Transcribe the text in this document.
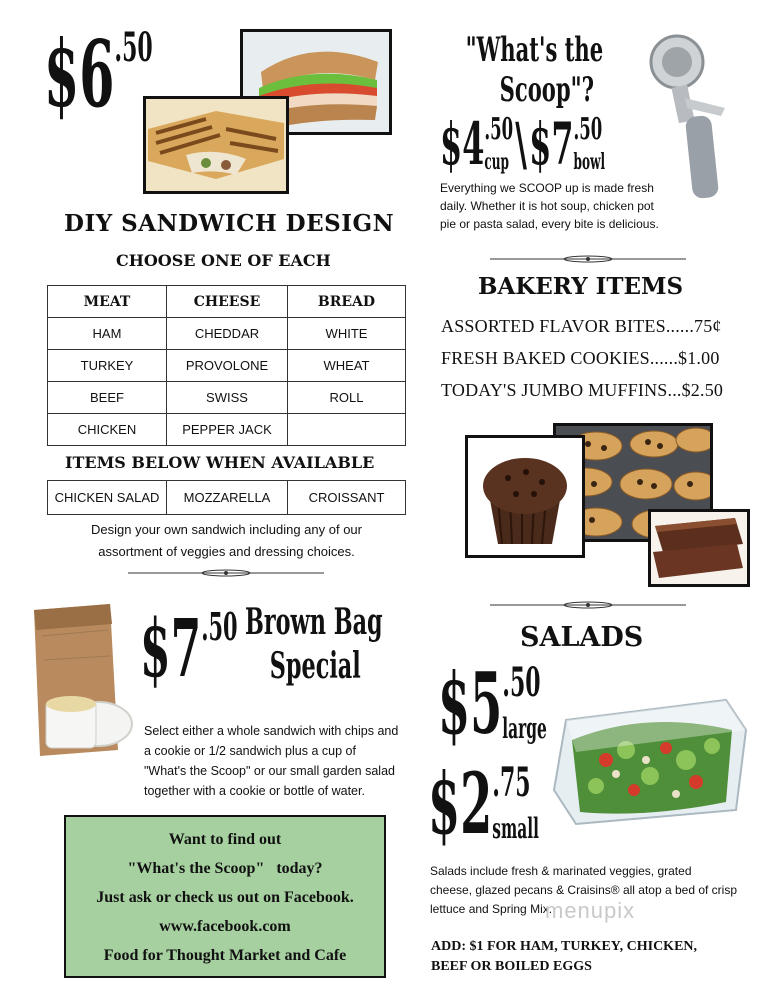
$\$6^{.50}$
DIY SANDWICH DESIGN
CHOOSE ONE OF EACH
MEAT	CHEESE	BREAD
HAM	CHEDDAR	WHITE
TURKEY	PROVOLONE	WHEAT
BEEF	SWISS	ROLL
CHICKEN	PEPPER JACK	
ITEMS BELOW WHEN AVAILABLE
CHICKEN SALAD	MOZZARELLA	CROISSANT
Design your own sandwich including any of our
assortment of veggies and dressing choices.
"What's the
Scoop"?
$4.50
cup \$7.50
bowl
Everything we SCOOP up is made fresh
daily. Whether it is hot soup, chicken pot
pie or pasta salad, every bite is delicious.
BAKERY ITEMS
ASSORTED FLAVOR BITES......75¢
FRESH BAKED COOKIES......$1.00
TODAY'S JUMBO MUFFINS...$2.50
$7.50 Brown Bag
Special
Select either a whole sandwich with chips and
a cookie or 1/2 sandwich plus a cup of
"What's the Scoop" or our small garden salad
together with a cookie or bottle of water.
Want to find out
"What's the Scoop"   today?
Just ask or check us out on Facebook.
www.facebook.com
Food for Thought Market and Cafe
SALADS
$5.50
large
$2.75
small
Salads include fresh & marinated veggies, grated
cheese, glazed pecans & Craisins® all atop a bed of crisp
lettuce and Spring Mix.
menupix
ADD: $1 FOR HAM, TURKEY, CHICKEN,
BEEF OR BOILED EGGS
